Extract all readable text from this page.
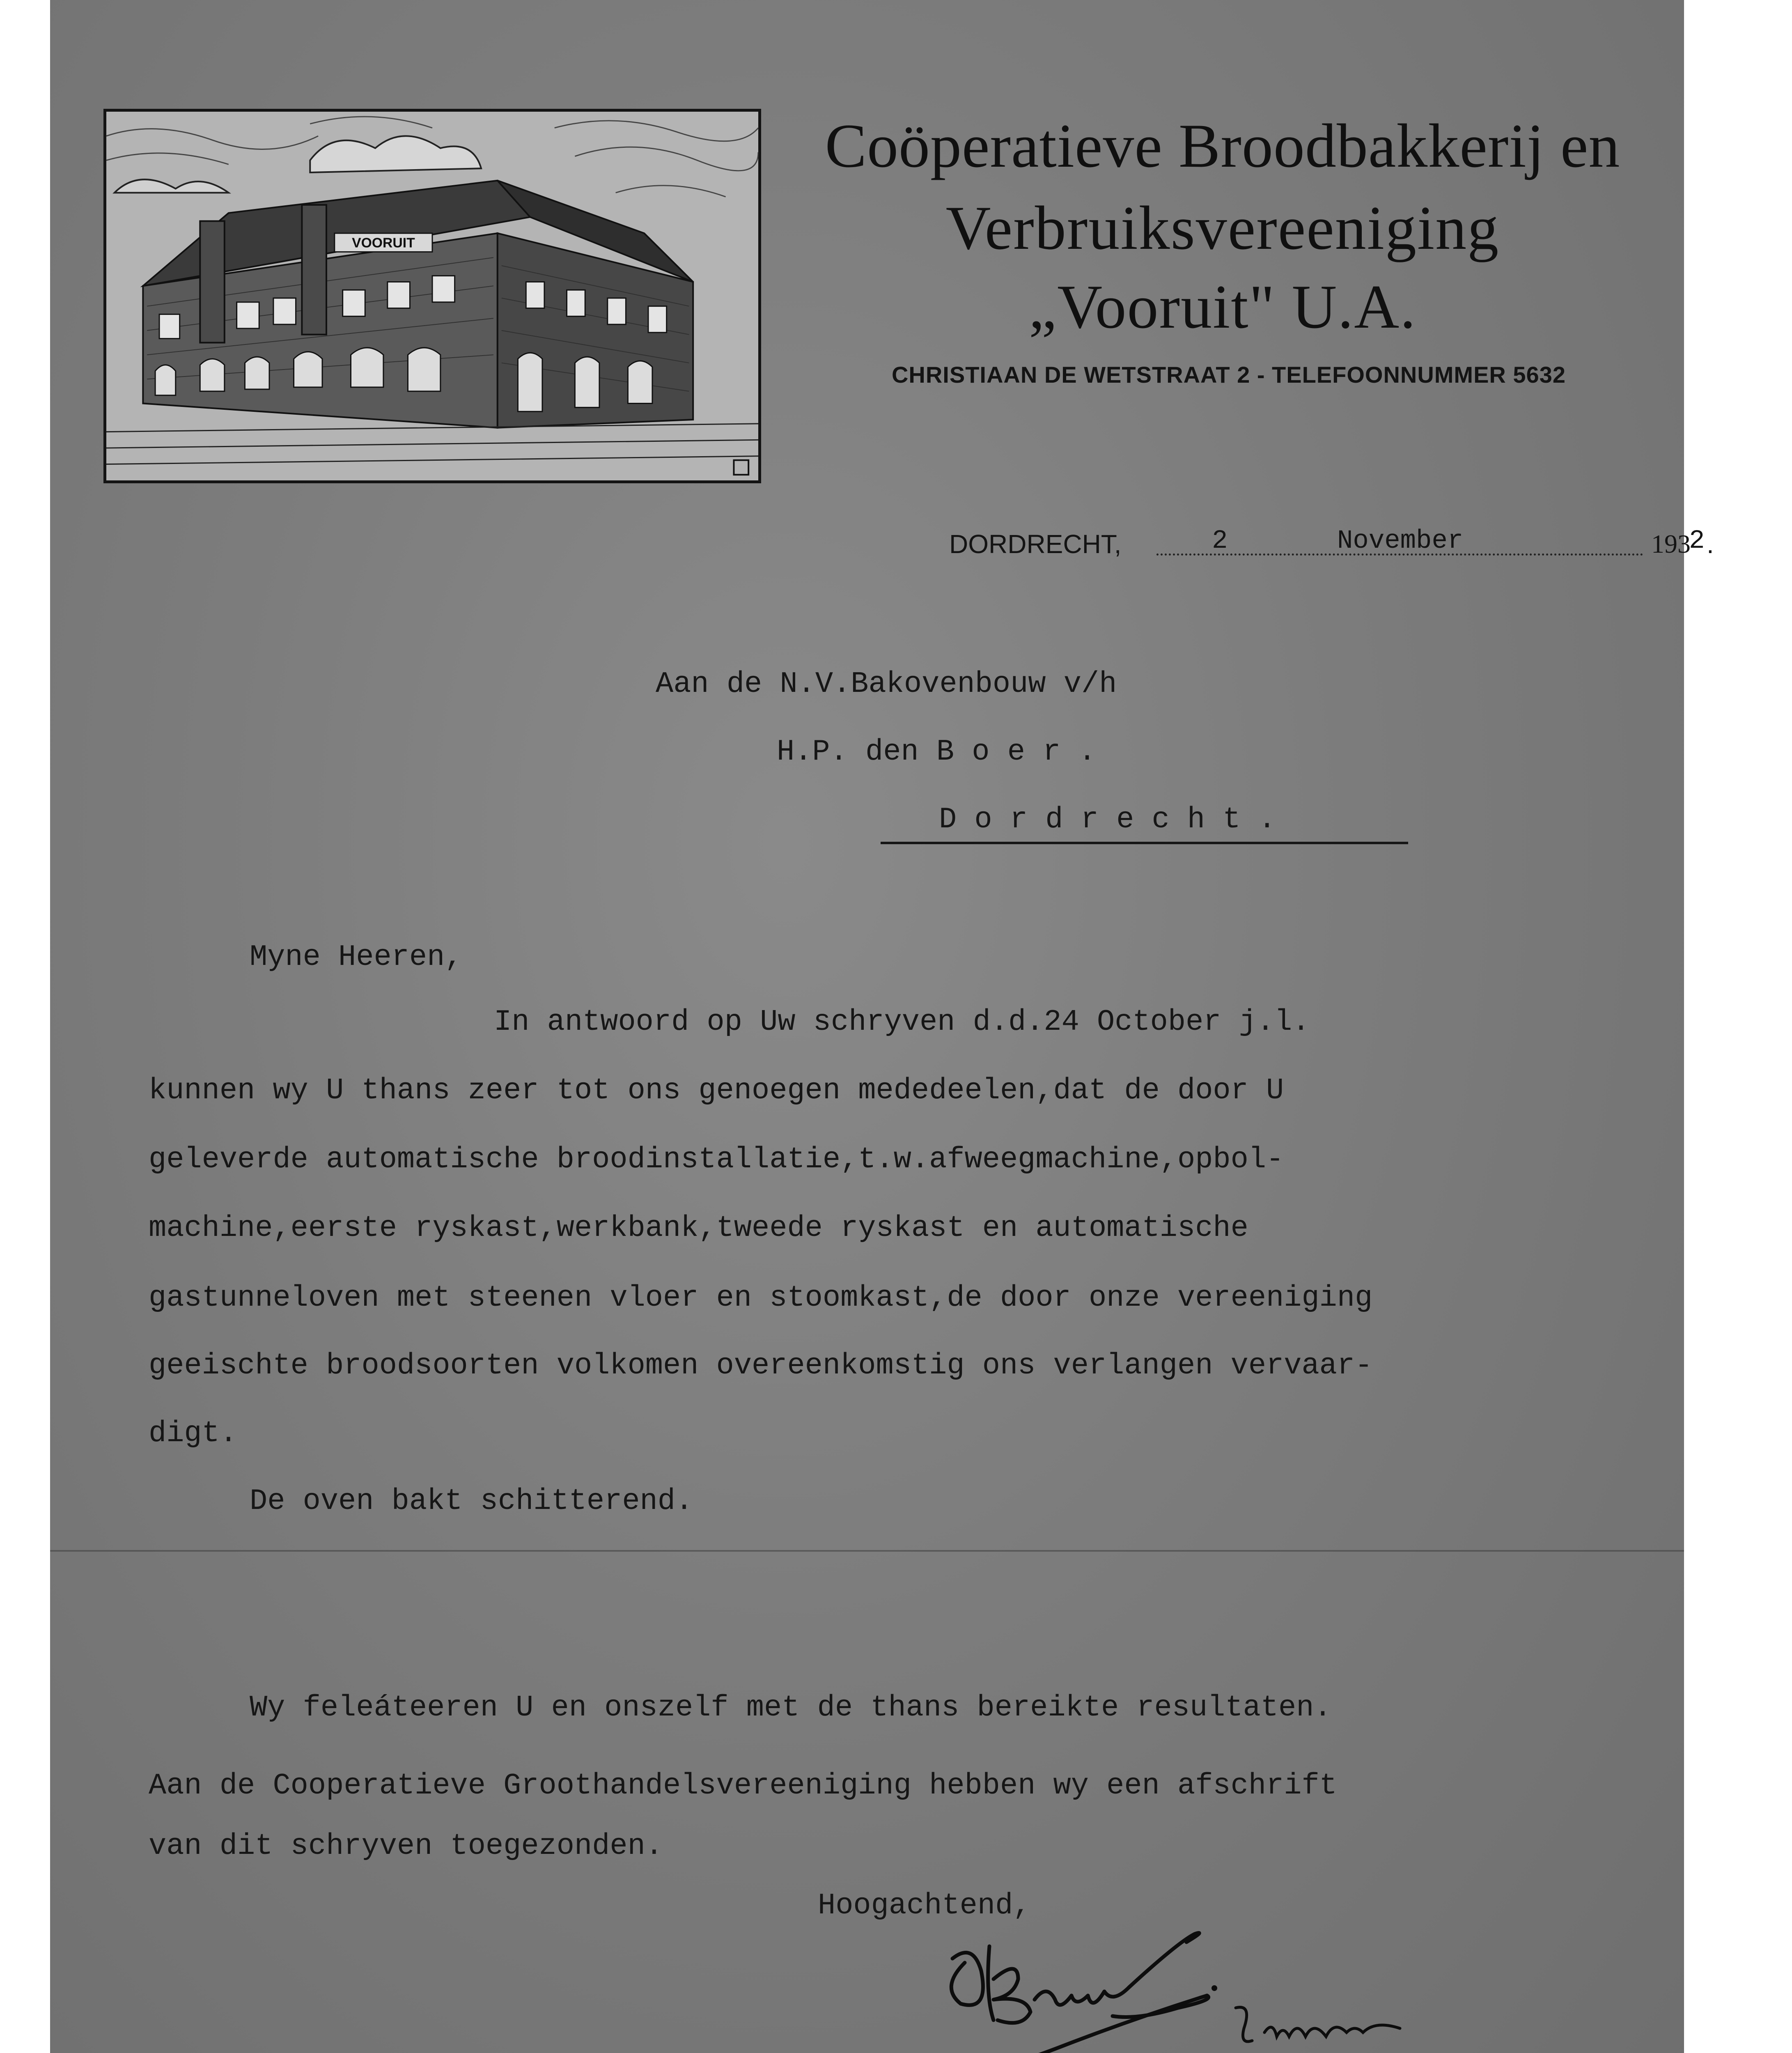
VOORUIT
Coöperatieve Broodbakkerij en
Verbruiksvereeniging
„Vooruit" U.A.
CHRISTIAAN DE WETSTRAAT 2 - TELEFOONNUMMER 5632
DORDRECHT,	2	November	193
2 .
Aan de N.V.Bakovenbouw v/h
H.P. den B o e r .
D o r d r e c h t .
Myne Heeren,
In antwoord op Uw schryven d.d.24 October j.l.
kunnen wy U thans zeer tot ons genoegen mededeelen,dat de door U
geleverde automatische broodinstallatie,t.w.afweegmachine,opbol-
machine,eerste ryskast,werkbank,tweede ryskast en automatische
gastunneloven met steenen vloer en stoomkast,de door onze vereeniging
geeischte broodsoorten volkomen overeenkomstig ons verlangen vervaar-
digt.
De oven bakt schitterend.
Wy feleáteeren U en onszelf met de thans bereikte resultaten.
Aan de Cooperatieve Groothandelsvereeniging hebben wy een afschrift
van dit schryven toegezonden.
Hoogachtend,
